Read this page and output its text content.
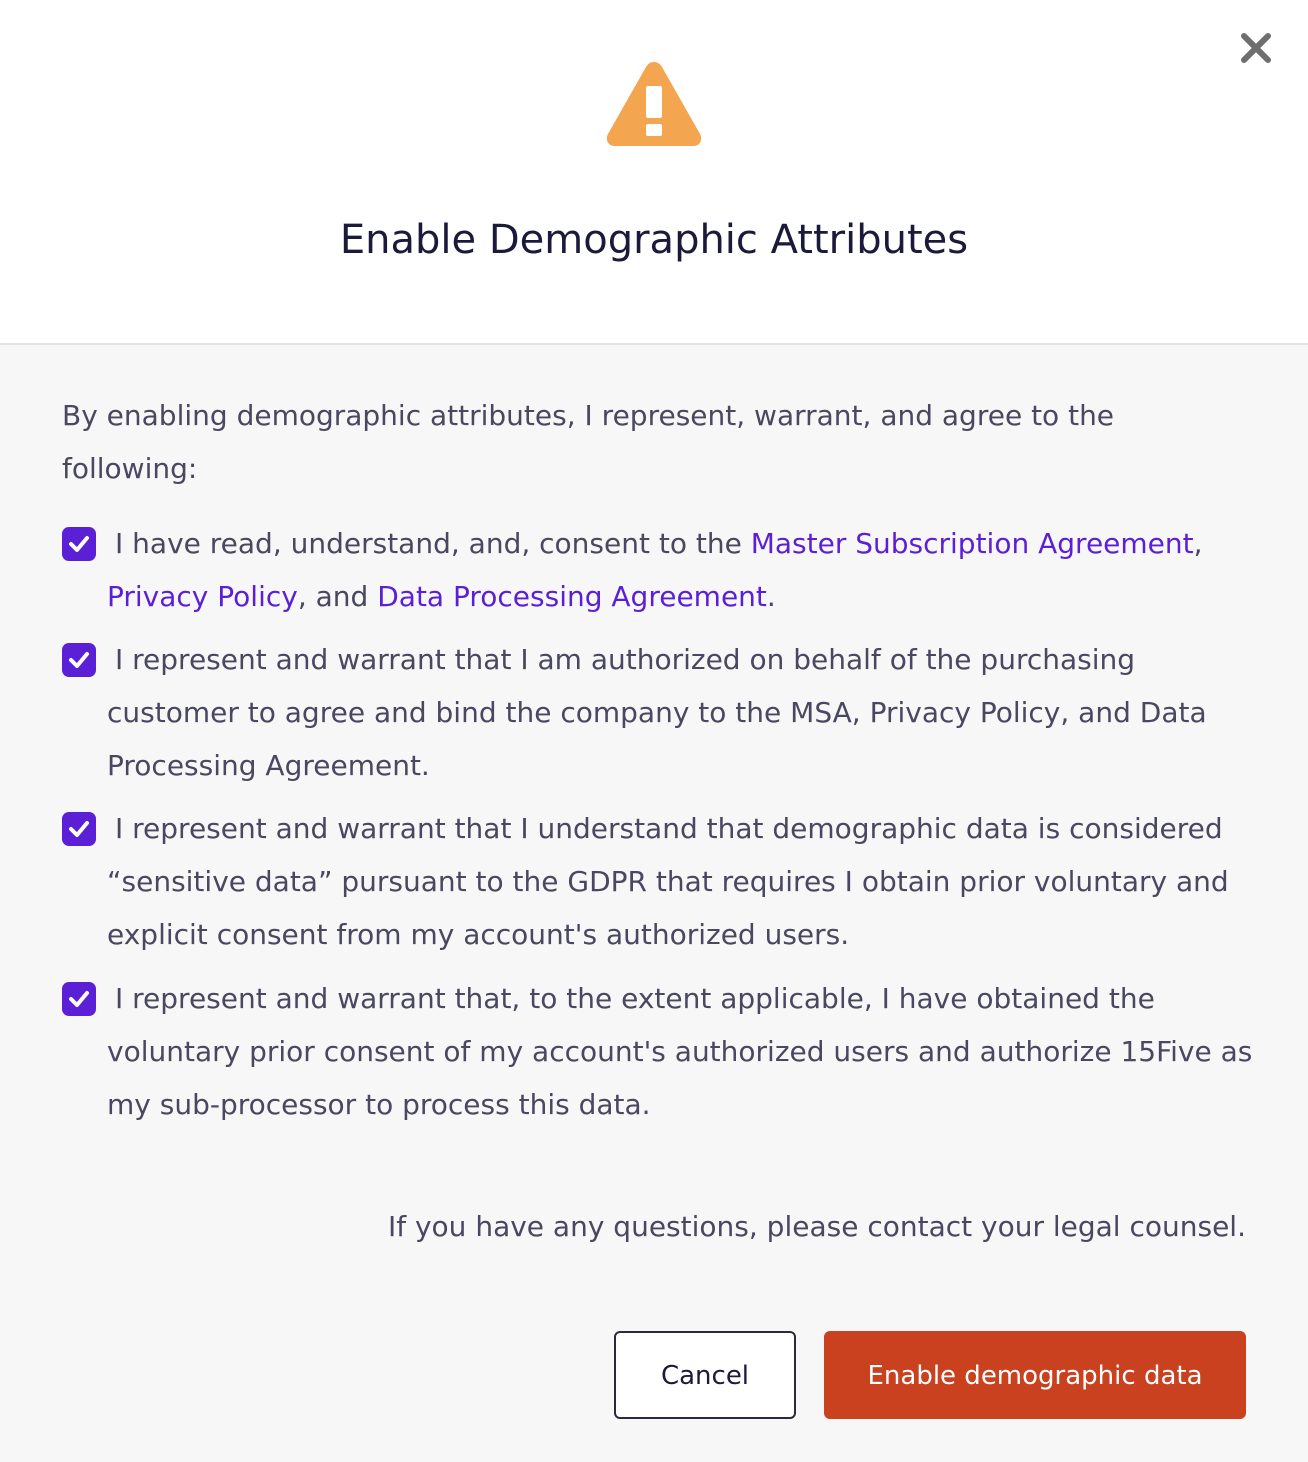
Enable Demographic Attributes

By enabling demographic attributes, I represent, warrant, and agree to the following:

I have read, understand, and, consent to the Master Subscription Agreement, Privacy Policy, and Data Processing Agreement.

I represent and warrant that I am authorized on behalf of the purchasing customer to agree and bind the company to the MSA, Privacy Policy, and Data Processing Agreement.

I represent and warrant that I understand that demographic data is considered “sensitive data” pursuant to the GDPR that requires I obtain prior voluntary and explicit consent from my account's authorized users.

I represent and warrant that, to the extent applicable, I have obtained the voluntary prior consent of my account's authorized users and authorize 15Five as my sub-processor to process this data.

If you have any questions, please contact your legal counsel.

Cancel	Enable demographic data
